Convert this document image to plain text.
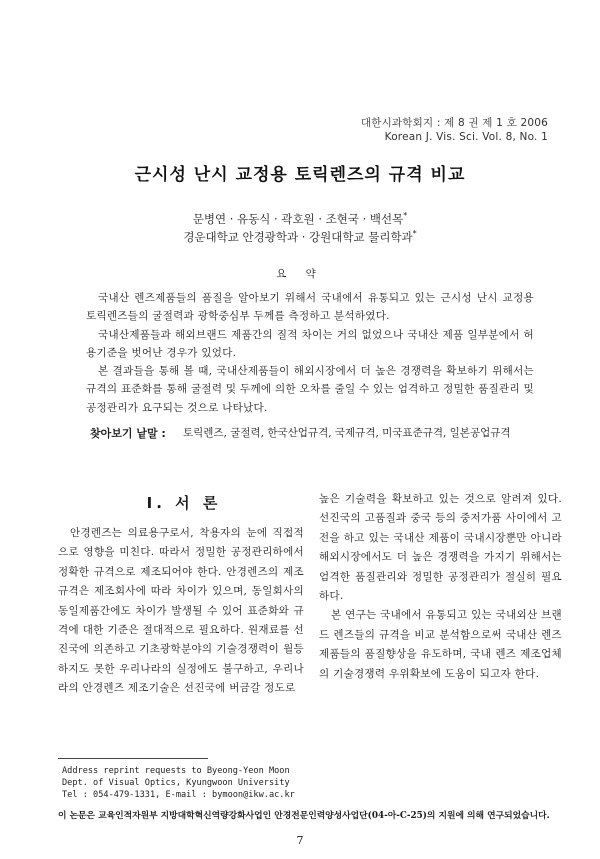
대한시과학회지 : 제 8 권 제 1 호 2006
Korean J. Vis. Sci. Vol. 8, No. 1
근시성 난시 교정용 토릭렌즈의 규격 비교
문병연 · 유동식 · 곽호원 · 조현국 · 백선목*
경운대학교 안경광학과 · 강원대학교 물리학과*
요 약

국내산 렌즈제품들의 품질을 알아보기 위해서 국내에서 유통되고 있는 근시성 난시 교정용 토릭렌즈들의 굴절력과 광학중심부 두께를 측정하고 분석하였다.

국내산제품들과 해외브랜드 제품간의 질적 차이는 거의 없었으나 국내산 제품 일부분에서 허용기준을 벗어난 경우가 있었다.

본 결과들을 통해 볼 때, 국내산제품들이 해외시장에서 더 높은 경쟁력을 확보하기 위해서는 규격의 표준화를 통해 굴절력 및 두께에 의한 오차를 줄일 수 있는 엄격하고 정밀한 품질관리 및 공정관리가 요구되는 것으로 나타났다.

찾아보기 낱말 : 토릭렌즈, 굴절력, 한국산업규격, 국제규격, 미국표준규격, 일본공업규격
I. 서 론

안경렌즈는 의료용구로서, 착용자의 눈에 직접적으로 영향을 미친다. 따라서 정밀한 공정관리하에서 정확한 규격으로 제조되어야 한다. 안경렌즈의 제조규격은 제조회사에 따라 차이가 있으며, 동일회사의 동일제품간에도 차이가 발생될 수 있어 표준화와 규격에 대한 기준은 절대적으로 필요하다. 원재료를 선진국에 의존하고 기초광학분야의 기술경쟁력이 월등하지도 못한 우리나라의 실정에도 불구하고, 우리나라의 안경렌즈 제조기술은 선진국에 버금갈 정도로

높은 기술력을 확보하고 있는 것으로 알려져 있다. 선진국의 고품질과 중국 등의 중저가품 사이에서 고전을 하고 있는 국내산 제품이 국내시장뿐만 아니라 해외시장에서도 더 높은 경쟁력을 가지기 위해서는 엄격한 품질관리와 정밀한 공정관리가 절실히 필요하다.

본 연구는 국내에서 유통되고 있는 국내외산 브랜드 렌즈들의 규격을 비교 분석함으로써 국내산 렌즈제품들의 품질향상을 유도하며, 국내 렌즈 제조업체의 기술경쟁력 우위확보에 도움이 되고자 한다.

Address reprint requests to Byeong-Yeon Moon
Dept. of Visual Optics, Kyungwoon University
Tel : 054-479-1331, E-mail : bymoon@ikw.ac.kr
이 논문은 교육인적자원부 지방대학혁신역량강화사업인 안경전문인력양성사업단(04-아-C-25)의 지원에 의해 연구되었습니다.
7
